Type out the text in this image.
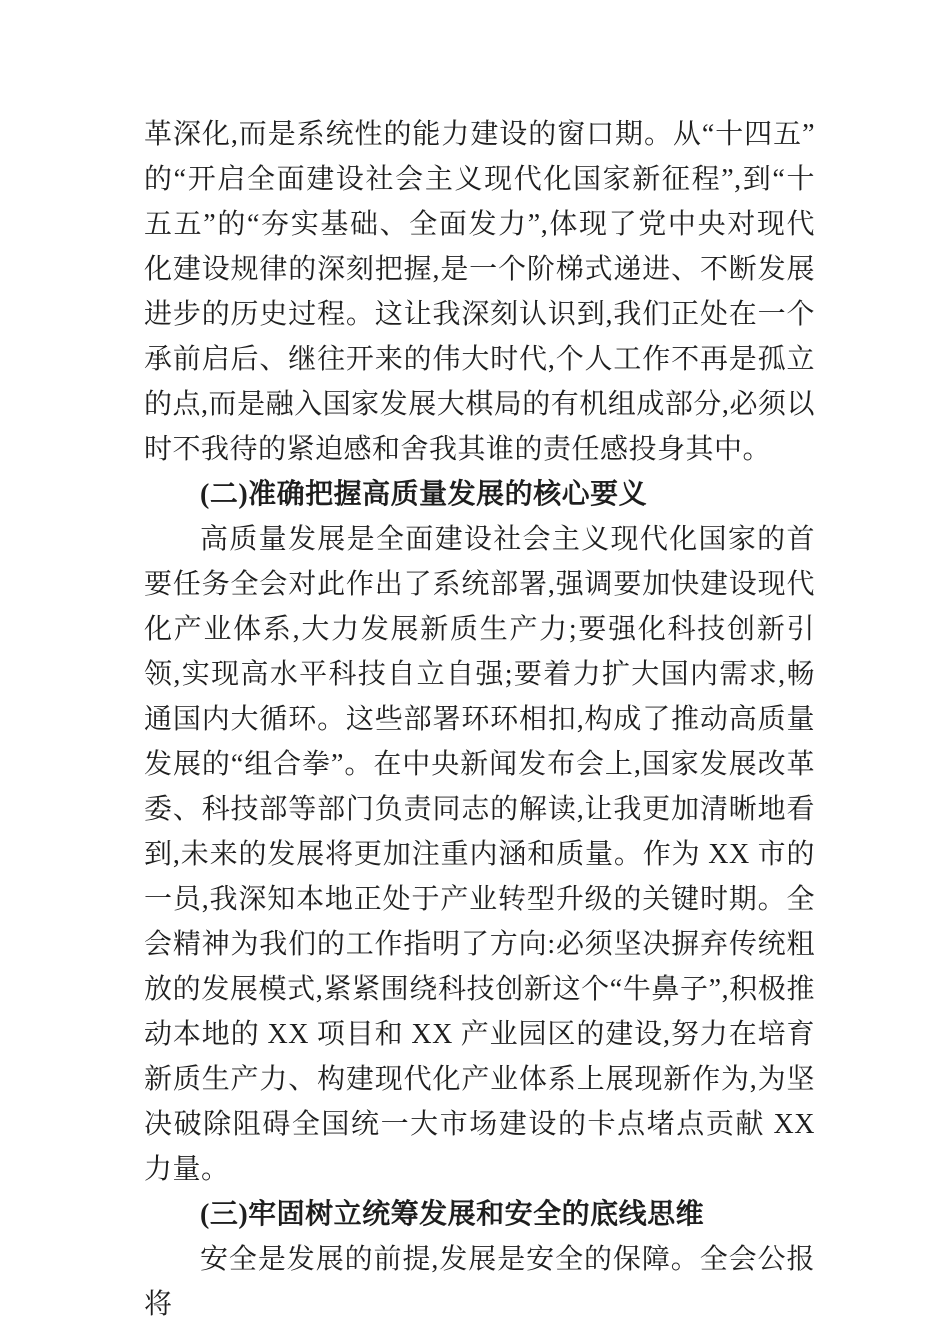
革深化,而是系统性的能力建设的窗口期。从“十四五”的“开启全面建设社会主义现代化国家新征程”,到“十五五”的“夯实基础、全面发力”,体现了党中央对现代化建设规律的深刻把握,是一个阶梯式递进、不断发展进步的历史过程。这让我深刻认识到,我们正处在一个承前启后、继往开来的伟大时代,个人工作不再是孤立的点,而是融入国家发展大棋局的有机组成部分,必须以时不我待的紧迫感和舍我其谁的责任感投身其中。

(二)准确把握高质量发展的核心要义

高质量发展是全面建设社会主义现代化国家的首要任务全会对此作出了系统部署,强调要加快建设现代化产业体系,大力发展新质生产力;要强化科技创新引领,实现高水平科技自立自强;要着力扩大国内需求,畅通国内大循环。这些部署环环相扣,构成了推动高质量发展的“组合拳”。在中央新闻发布会上,国家发展改革委、科技部等部门负责同志的解读,让我更加清晰地看到,未来的发展将更加注重内涵和质量。作为 XX 市的一员,我深知本地正处于产业转型升级的关键时期。全会精神为我们的工作指明了方向:必须坚决摒弃传统粗放的发展模式,紧紧围绕科技创新这个“牛鼻子”,积极推动本地的 XX 项目和 XX 产业园区的建设,努力在培育新质生产力、构建现代化产业体系上展现新作为,为坚决破除阻碍全国统一大市场建设的卡点堵点贡献 XX 力量。

(三)牢固树立统筹发展和安全的底线思维

安全是发展的前提,发展是安全的保障。全会公报将
